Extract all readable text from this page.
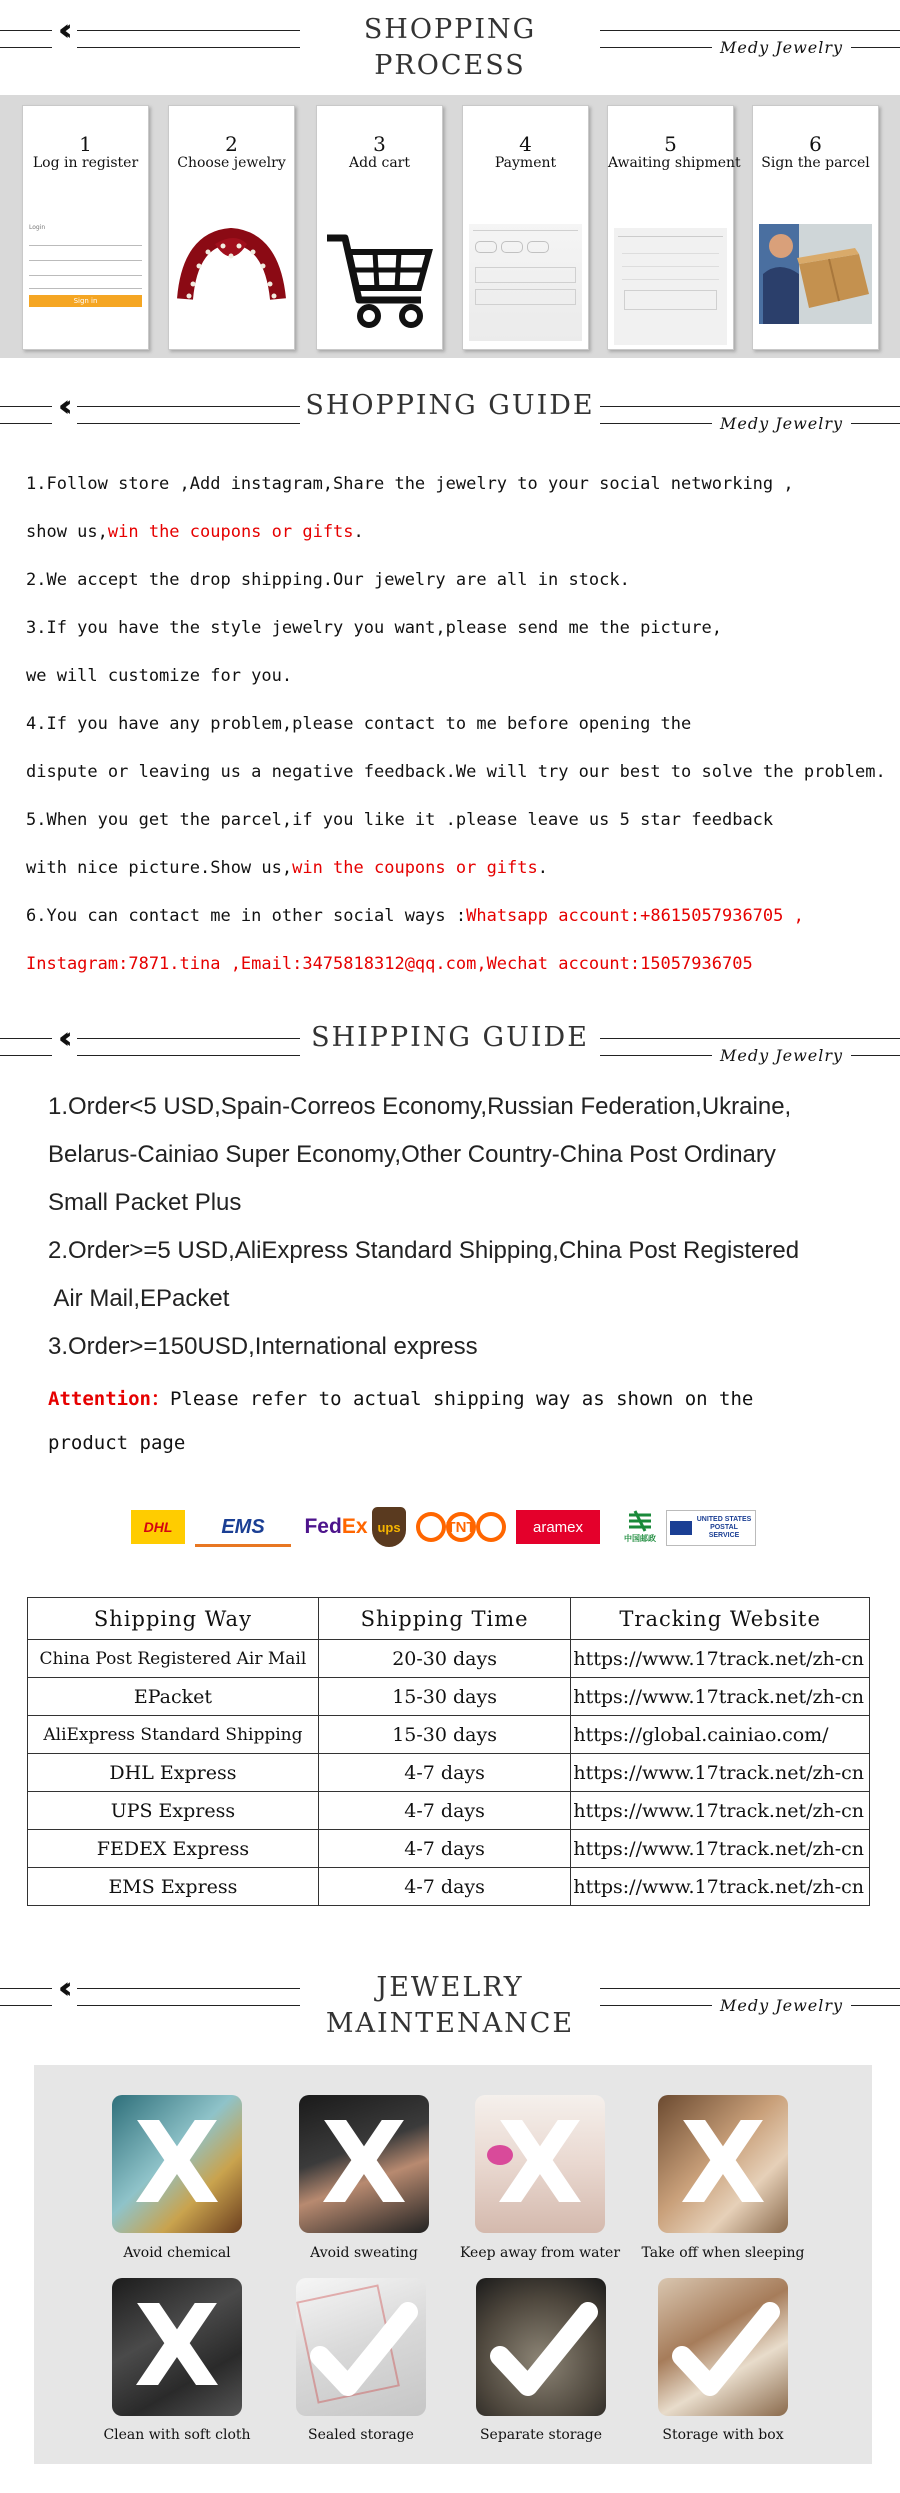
‹‹	SHOPPING PROCESS
Medy Jewelry
1
Log in register
Login
Sign in
2
Choose jewelry
3
Add cart
4
Payment
5
Awaiting shipment
6
Sign the parcel
‹‹	SHOPPING GUIDE
Medy Jewelry
1.Follow store ,Add instagram,Share the jewelry to your social networking ,
show us,win the coupons or gifts.
2.We accept the drop shipping.Our jewelry are all in stock.
3.If you have the style jewelry you want,please send me the picture,
we will customize for you.
4.If you have any problem,please contact to me before opening the
dispute or leaving us a negative feedback.We will try our best to solve the problem.
5.When you get the parcel,if you like it .please leave us 5 star feedback
with nice picture.Show us,win the coupons or gifts.
6.You can contact me in other social ways :Whatsapp account:+8615057936705 ,
Instagram:7871.tina ,Email:3475818312@qq.com,Wechat account:15057936705
‹‹	SHIPPING GUIDE
Medy Jewelry
1.Order<5 USD,Spain-Correos Economy,Russian Federation,Ukraine,
Belarus-Cainiao Super Economy,Other Country-China Post Ordinary
Small Packet Plus
2.Order>=5 USD,AliExpress Standard Shipping,China Post Registered
Air Mail,EPacket
3.Order>=150USD,International express
Attention：Please refer to actual shipping way as shown on the
product page
DHL	EMS	Fed Ex ups	TNT	aramex
中国邮政
UNITED STATES POSTAL SERVICE
Shipping Way	Shipping Time	Tracking Website
China Post Registered Air Mail	20-30 days	https://www.17track.net/zh-cn
EPacket	15-30 days	https://www.17track.net/zh-cn
AliExpress Standard Shipping	15-30 days	https://global.cainiao.com/
DHL Express	4-7 days	https://www.17track.net/zh-cn
UPS Express	4-7 days	https://www.17track.net/zh-cn
FEDEX Express	4-7 days	https://www.17track.net/zh-cn
EMS Express	4-7 days	https://www.17track.net/zh-cn
‹‹	JEWELRY MAINTENANCE
Medy Jewelry
X
Avoid chemical
X
Avoid sweating
X
Keep away from water
X
Take off when sleeping
X
Clean with soft cloth	Sealed storage	Separate storage	Storage with box
